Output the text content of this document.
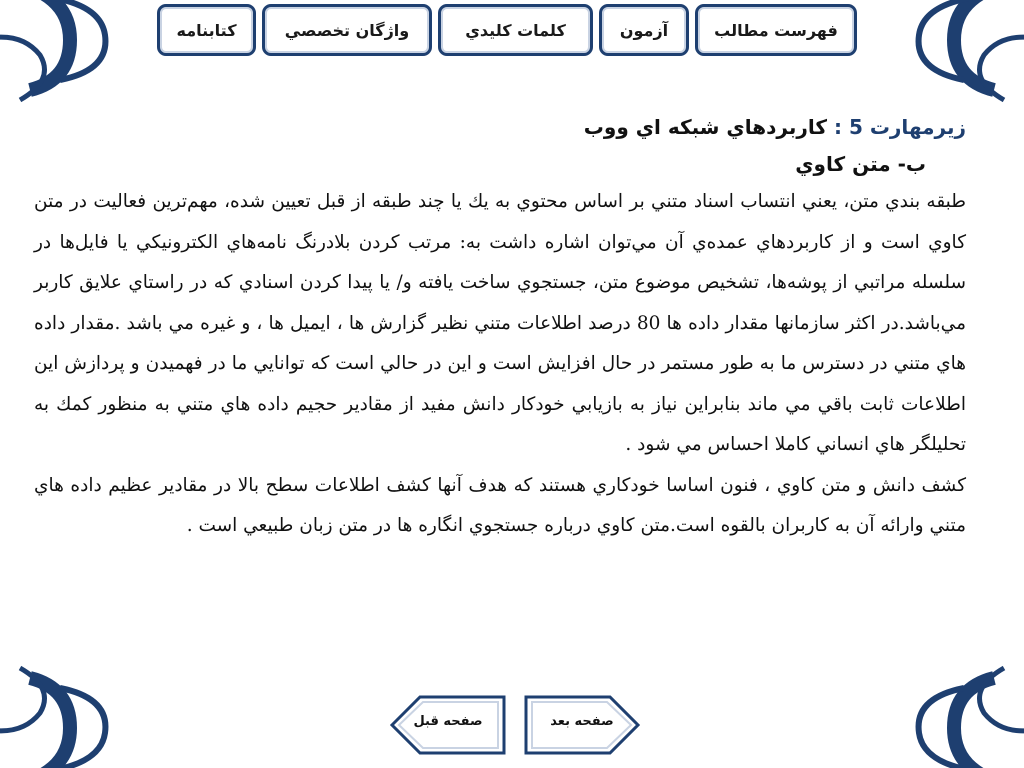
فهرست مطالب
آزمون
كلمات كليدي
واژگان تخصصي
كتابنامه
زيرمهارت 5 : كاربردهاي شبكه اي ووب
ب- متن كاوي

طبقه بندي متن، يعني انتساب اسناد متني بر اساس محتوي به يك يا چند طبقه از قبل تعيين شده، مهم‌ترين فعاليت در متن كاوي است و از كاربردهاي عمده‌ي آن مي‌توان اشاره داشت به: مرتب كردن بلادرنگ نامه‌هاي الكترونيكي يا فايل‌ها در سلسله مراتبي از پوشه‌ها، تشخيص موضوع متن، جستجوي ساخت يافته و/ يا پيدا كردن اسنادي كه در راستاي علايق كاربر مي‌باشد.در اكثر سازمانها مقدار داده ها 80 درصد اطلاعات متني نظير گزارش ها ، ايميل ها ، و غيره مي باشد .مقدار داده هاي متني در دسترس ما به طور مستمر در حال افزايش است و اين در حالي است كه توانايي ما در فهميدن و پردازش اين اطلاعات ثابت باقي مي ماند بنابراين نياز به بازيابي خودكار دانش مفيد از مقادير حجيم داده هاي متني به منظور كمك به تحليلگر هاي انساني كاملا احساس مي شود .

كشف دانش و متن كاوي ، فنون اساسا خودكاري هستند كه هدف آنها كشف اطلاعات سطح بالا در مقادير عظيم داده هاي متني وارائه آن به كاربران بالقوه است.متن كاوي درباره جستجوي انگاره ها در متن زبان طبيعي است .

صفحه قبل	صفحه بعد
